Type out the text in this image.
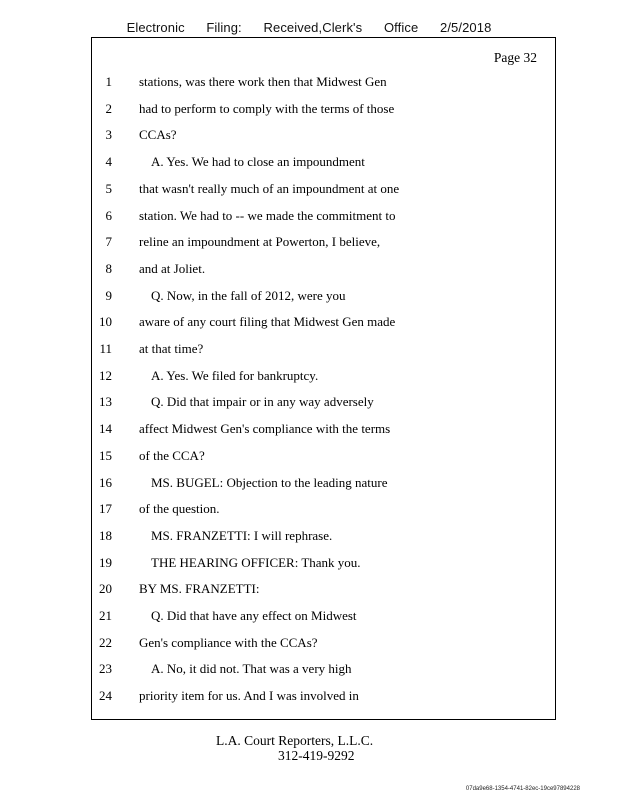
Electronic Filing: Received,Clerk's Office 2/5/2018
Page 32
1 stations, was there work then that Midwest Gen
2 had to perform to comply with the terms of those
3 CCAs?
4	A. Yes. We had to close an impoundment
5 that wasn't really much of an impoundment at one
6 station. We had to -- we made the commitment to
7 reline an impoundment at Powerton, I believe,
8 and at Joliet.
9	Q. Now, in the fall of 2012, were you
10 aware of any court filing that Midwest Gen made
11 at that time?
12	A. Yes. We filed for bankruptcy.
13	Q. Did that impair or in any way adversely
14 affect Midwest Gen's compliance with the terms
15 of the CCA?
16	MS. BUGEL: Objection to the leading nature
17 of the question.
18	MS. FRANZETTI: I will rephrase.
19	THE HEARING OFFICER: Thank you.
20 BY MS. FRANZETTI:
21	Q. Did that have any effect on Midwest
22 Gen's compliance with the CCAs?
23	A. No, it did not. That was a very high
24 priority item for us. And I was involved in
L.A. Court Reporters, L.L.C.
312-419-9292
07da9e68-1354-4741-82ec-19ce97894228
